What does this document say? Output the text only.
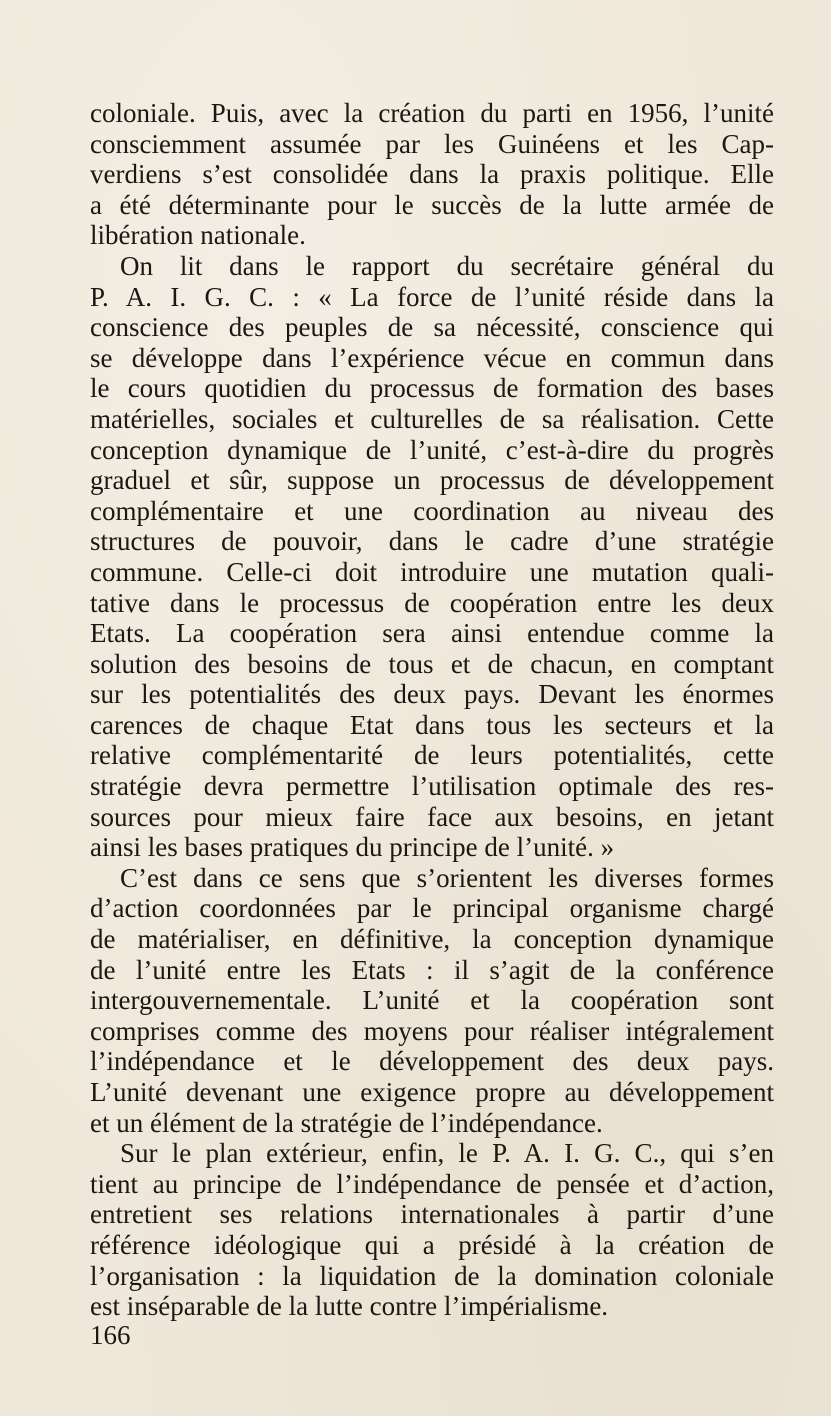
coloniale. Puis, avec la création du parti en 1956, l’unité
consciemment assumée par les Guinéens et les Cap-
verdiens s’est consolidée dans la praxis politique. Elle
a été déterminante pour le succès de la lutte armée de
libération nationale.
On lit dans le rapport du secrétaire général du
P. A. I. G. C. : « La force de l’unité réside dans la
conscience des peuples de sa nécessité, conscience qui
se développe dans l’expérience vécue en commun dans
le cours quotidien du processus de formation des bases
matérielles, sociales et culturelles de sa réalisation. Cette
conception dynamique de l’unité, c’est-à-dire du progrès
graduel et sûr, suppose un processus de développement
complémentaire et une coordination au niveau des
structures de pouvoir, dans le cadre d’une stratégie
commune. Celle-ci doit introduire une mutation quali-
tative dans le processus de coopération entre les deux
Etats. La coopération sera ainsi entendue comme la
solution des besoins de tous et de chacun, en comptant
sur les potentialités des deux pays. Devant les énormes
carences de chaque Etat dans tous les secteurs et la
relative complémentarité de leurs potentialités, cette
stratégie devra permettre l’utilisation optimale des res-
sources pour mieux faire face aux besoins, en jetant
ainsi les bases pratiques du principe de l’unité. »
C’est dans ce sens que s’orientent les diverses formes
d’action coordonnées par le principal organisme chargé
de matérialiser, en définitive, la conception dynamique
de l’unité entre les Etats : il s’agit de la conférence
intergouvernementale. L’unité et la coopération sont
comprises comme des moyens pour réaliser intégralement
l’indépendance et le développement des deux pays.
L’unité devenant une exigence propre au développement
et un élément de la stratégie de l’indépendance.
Sur le plan extérieur, enfin, le P. A. I. G. C., qui s’en
tient au principe de l’indépendance de pensée et d’action,
entretient ses relations internationales à partir d’une
référence idéologique qui a présidé à la création de
l’organisation : la liquidation de la domination coloniale
est inséparable de la lutte contre l’impérialisme.
166
